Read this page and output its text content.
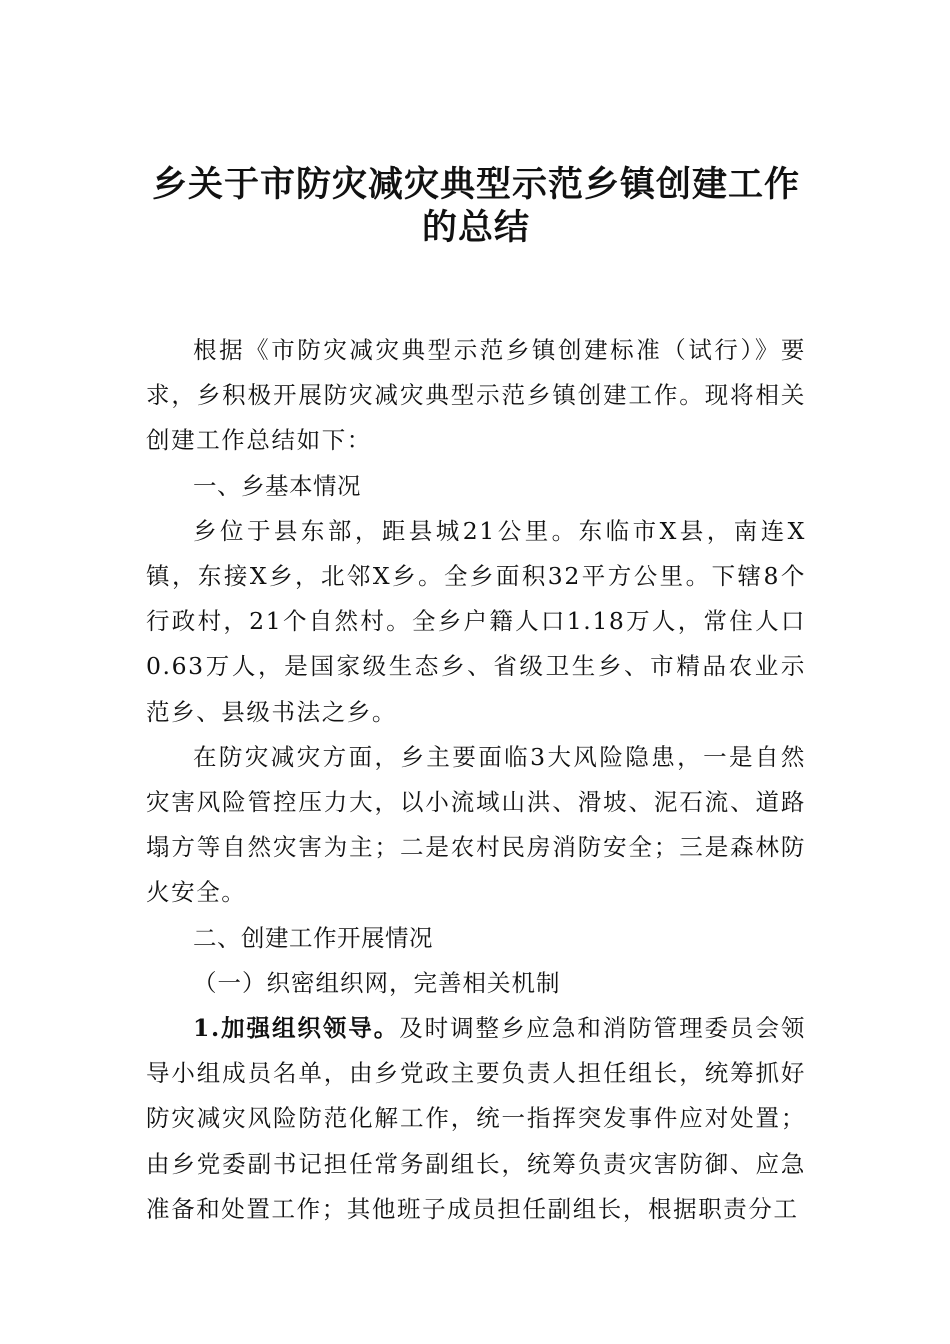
乡关于市防灾减灾典型示范乡镇创建工作
的总结

根据《市防灾减灾典型示范乡镇创建标准（试行）》要求，乡积极开展防灾减灾典型示范乡镇创建工作。现将相关创建工作总结如下：

一、乡基本情况

乡位于县东部，距县城21公里。东临市X县，南连X镇，东接X乡，北邻X乡。全乡面积32平方公里。下辖8个行政村，21个自然村。全乡户籍人口1.18万人，常住人口0.63万人，是国家级生态乡、省级卫生乡、市精品农业示范乡、县级书法之乡。

在防灾减灾方面，乡主要面临3大风险隐患，一是自然灾害风险管控压力大，以小流域山洪、滑坡、泥石流、道路塌方等自然灾害为主；二是农村民房消防安全；三是森林防火安全。

二、创建工作开展情况

（一）织密组织网，完善相关机制

1.加强组织领导。及时调整乡应急和消防管理委员会领导小组成员名单，由乡党政主要负责人担任组长，统筹抓好防灾减灾风险防范化解工作，统一指挥突发事件应对处置；由乡党委副书记担任常务副组长，统筹负责灾害防御、应急准备和处置工作；其他班子成员担任副组长，根据职责分工
